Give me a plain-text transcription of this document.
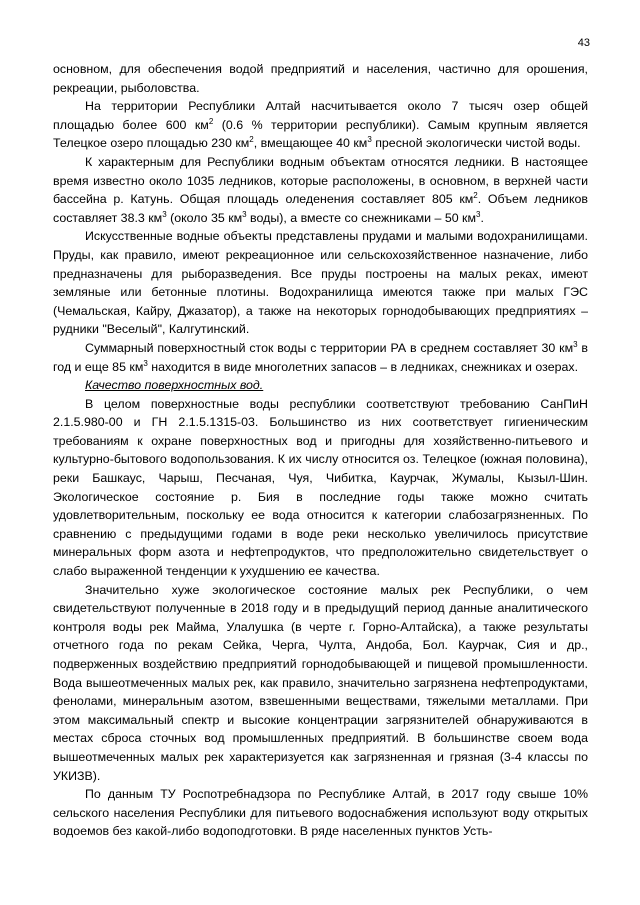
43

основном, для обеспечения водой предприятий и населения, частично для орошения, рекреации, рыболовства.

На территории Республики Алтай насчитывается около 7 тысяч озер общей площадью более 600 $км^2$ (0.6 % территории республики). Самым крупным является Телецкое озеро площадью 230 $км^2$, вмещающее 40 $км^3$ пресной экологически чистой воды.

К характерным для Республики водным объектам относятся ледники. В настоящее время известно около 1035 ледников, которые расположены, в основном, в верхней части бассейна р. Катунь. Общая площадь оледенения составляет 805 $км^2$. Объем ледников составляет 38.3 $км^3$ (около 35 $км^3$ воды), а вместе со снежниками – 50 $км^3$.

Искусственные водные объекты представлены прудами и малыми водохранилищами. Пруды, как правило, имеют рекреационное или сельскохозяйственное назначение, либо предназначены для рыборазведения. Все пруды построены на малых реках, имеют земляные или бетонные плотины. Водохранилища имеются также при малых ГЭС (Чемальская, Кайру, Джазатор), а также на некоторых горнодобывающих предприятиях – рудники "Веселый", Калгутинский.

Суммарный поверхностный сток воды с территории РА в среднем составляет 30 $км^3$ в год и еще 85 $км^3$ находится в виде многолетних запасов – в ледниках, снежниках и озерах.

Качество поверхностных вод.

В целом поверхностные воды республики соответствуют требованию СанПиН 2.1.5.980-00 и ГН 2.1.5.1315-03. Большинство из них соответствует гигиеническим требованиям к охране поверхностных вод и пригодны для хозяйственно-питьевого и культурно-бытового водопользования. К их числу относится оз. Телецкое (южная половина), реки Башкаус, Чарыш, Песчаная, Чуя, Чибитка, Каурчак, Жумалы, Кызыл-Шин. Экологическое состояние р. Бия в последние годы также можно считать удовлетворительным, поскольку ее вода относится к категории слабозагрязненных. По сравнению с предыдущими годами в воде реки несколько увеличилось присутствие минеральных форм азота и нефтепродуктов, что предположительно свидетельствует о слабо выраженной тенденции к ухудшению ее качества.

Значительно хуже экологическое состояние малых рек Республики, о чем свидетельствуют полученные в 2018 году и в предыдущий период данные аналитического контроля воды рек Майма, Улалушка (в черте г. Горно-Алтайска), а также результаты отчетного года по рекам Сейка, Черга, Чулта, Андоба, Бол. Каурчак, Сия и др., подверженных воздействию предприятий горнодобывающей и пищевой промышленности. Вода вышеотмеченных малых рек, как правило, значительно загрязнена нефтепродуктами, фенолами, минеральным азотом, взвешенными веществами, тяжелыми металлами. При этом максимальный спектр и высокие концентрации загрязнителей обнаруживаются в местах сброса сточных вод промышленных предприятий. В большинстве своем вода вышеотмеченных малых рек характеризуется как загрязненная и грязная (3-4 классы по УКИЗВ).

По данным ТУ Роспотребнадзора по Республике Алтай, в 2017 году свыше 10% сельского населения Республики для питьевого водоснабжения используют воду открытых водоемов без какой-либо водоподготовки. В ряде населенных пунктов Усть-
